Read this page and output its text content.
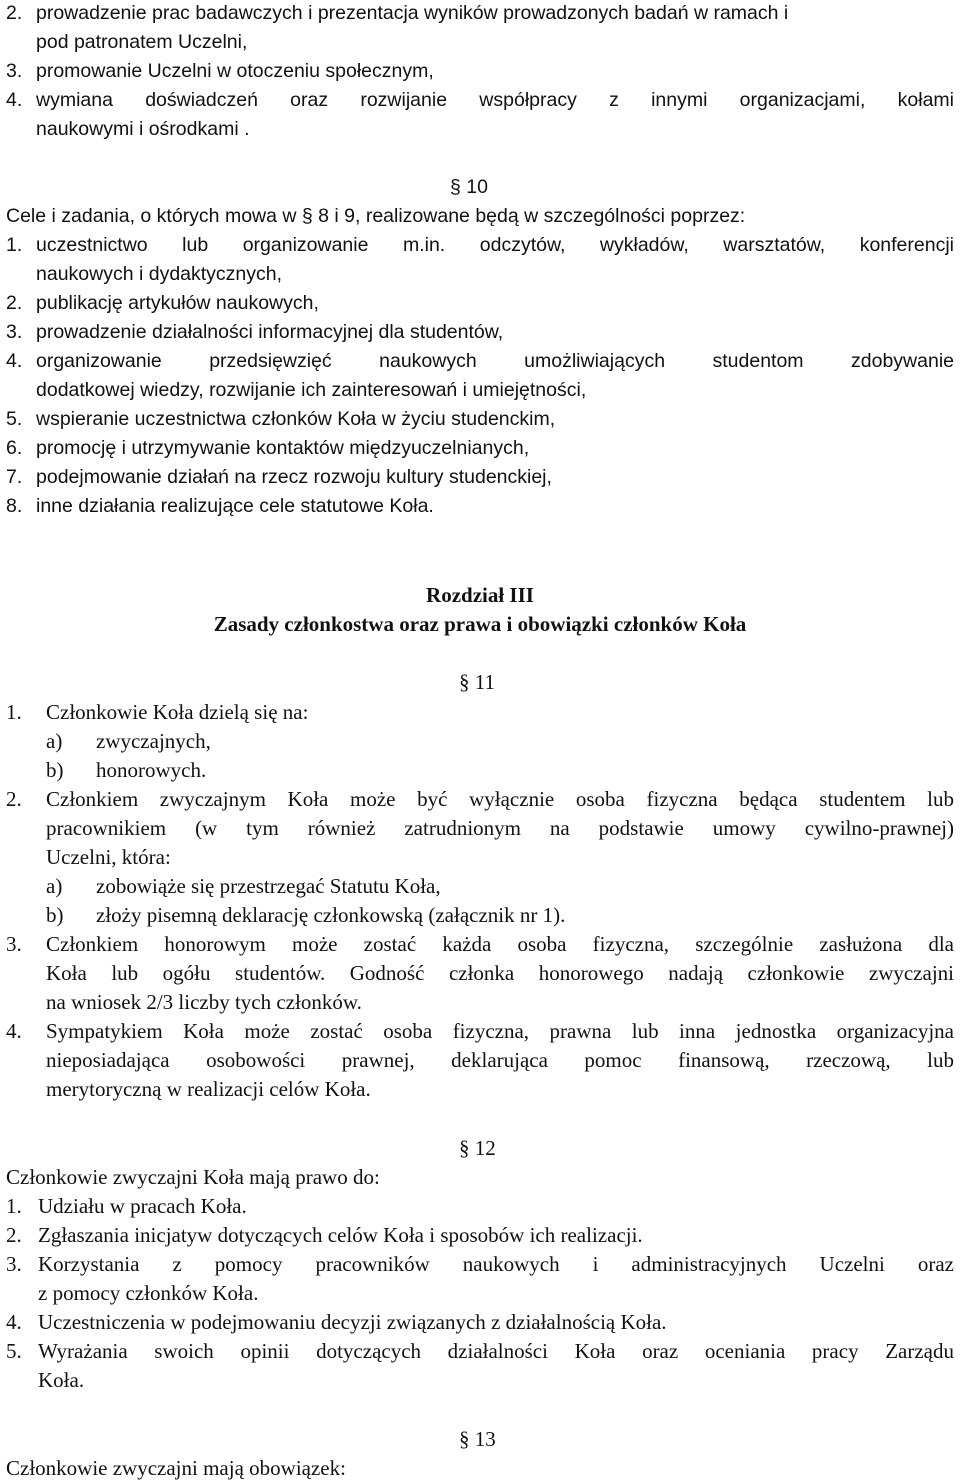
2. prowadzenie prac badawczych i prezentacja wyników prowadzonych badań w ramach i
pod patronatem Uczelni,
3. promowanie Uczelni w otoczeniu społecznym,
4. wymiana doświadczeń oraz rozwijanie współpracy z innymi organizacjami, kołami
naukowymi i ośrodkami .
§ 10
Cele i zadania, o których mowa w § 8 i 9, realizowane będą w szczególności poprzez:
1. uczestnictwo lub organizowanie m.in. odczytów, wykładów, warsztatów, konferencji
naukowych i dydaktycznych,
2. publikację artykułów naukowych,
3. prowadzenie działalności informacyjnej dla studentów,
4. organizowanie przedsięwzięć naukowych umożliwiających studentom zdobywanie
dodatkowej wiedzy, rozwijanie ich zainteresowań i umiejętności,
5. wspieranie uczestnictwa członków Koła w życiu studenckim,
6. promocję i utrzymywanie kontaktów międzyuczelnianych,
7. podejmowanie działań na rzecz rozwoju kultury studenckiej,
8. inne działania realizujące cele statutowe Koła.
Rozdział III
Zasady członkostwa oraz prawa i obowiązki członków Koła
§ 11
1. Członkowie Koła dzielą się na:
a) zwyczajnych,
b) honorowych.
2. Członkiem zwyczajnym Koła może być wyłącznie osoba fizyczna będąca studentem lub
pracownikiem (w tym również zatrudnionym na podstawie umowy cywilno-prawnej)
Uczelni, która:
a) zobowiąże się przestrzegać Statutu Koła,
b) złoży pisemną deklarację członkowską (załącznik nr 1).
3. Członkiem honorowym może zostać każda osoba fizyczna, szczególnie zasłużona dla
Koła lub ogółu studentów. Godność członka honorowego nadają członkowie zwyczajni
na wniosek 2/3 liczby tych członków.
4. Sympatykiem Koła może zostać osoba fizyczna, prawna lub inna jednostka organizacyjna
nieposiadająca osobowości prawnej, deklarująca pomoc finansową, rzeczową, lub
merytoryczną w realizacji celów Koła.
§ 12
Członkowie zwyczajni Koła mają prawo do:
1. Udziału w pracach Koła.
2. Zgłaszania inicjatyw dotyczących celów Koła i sposobów ich realizacji.
3. Korzystania z pomocy pracowników naukowych i administracyjnych Uczelni oraz
z pomocy członków Koła.
4. Uczestniczenia w podejmowaniu decyzji związanych z działalnością Koła.
5. Wyrażania swoich opinii dotyczących działalności Koła oraz oceniania pracy Zarządu
Koła.
§ 13
Członkowie zwyczajni mają obowiązek:
